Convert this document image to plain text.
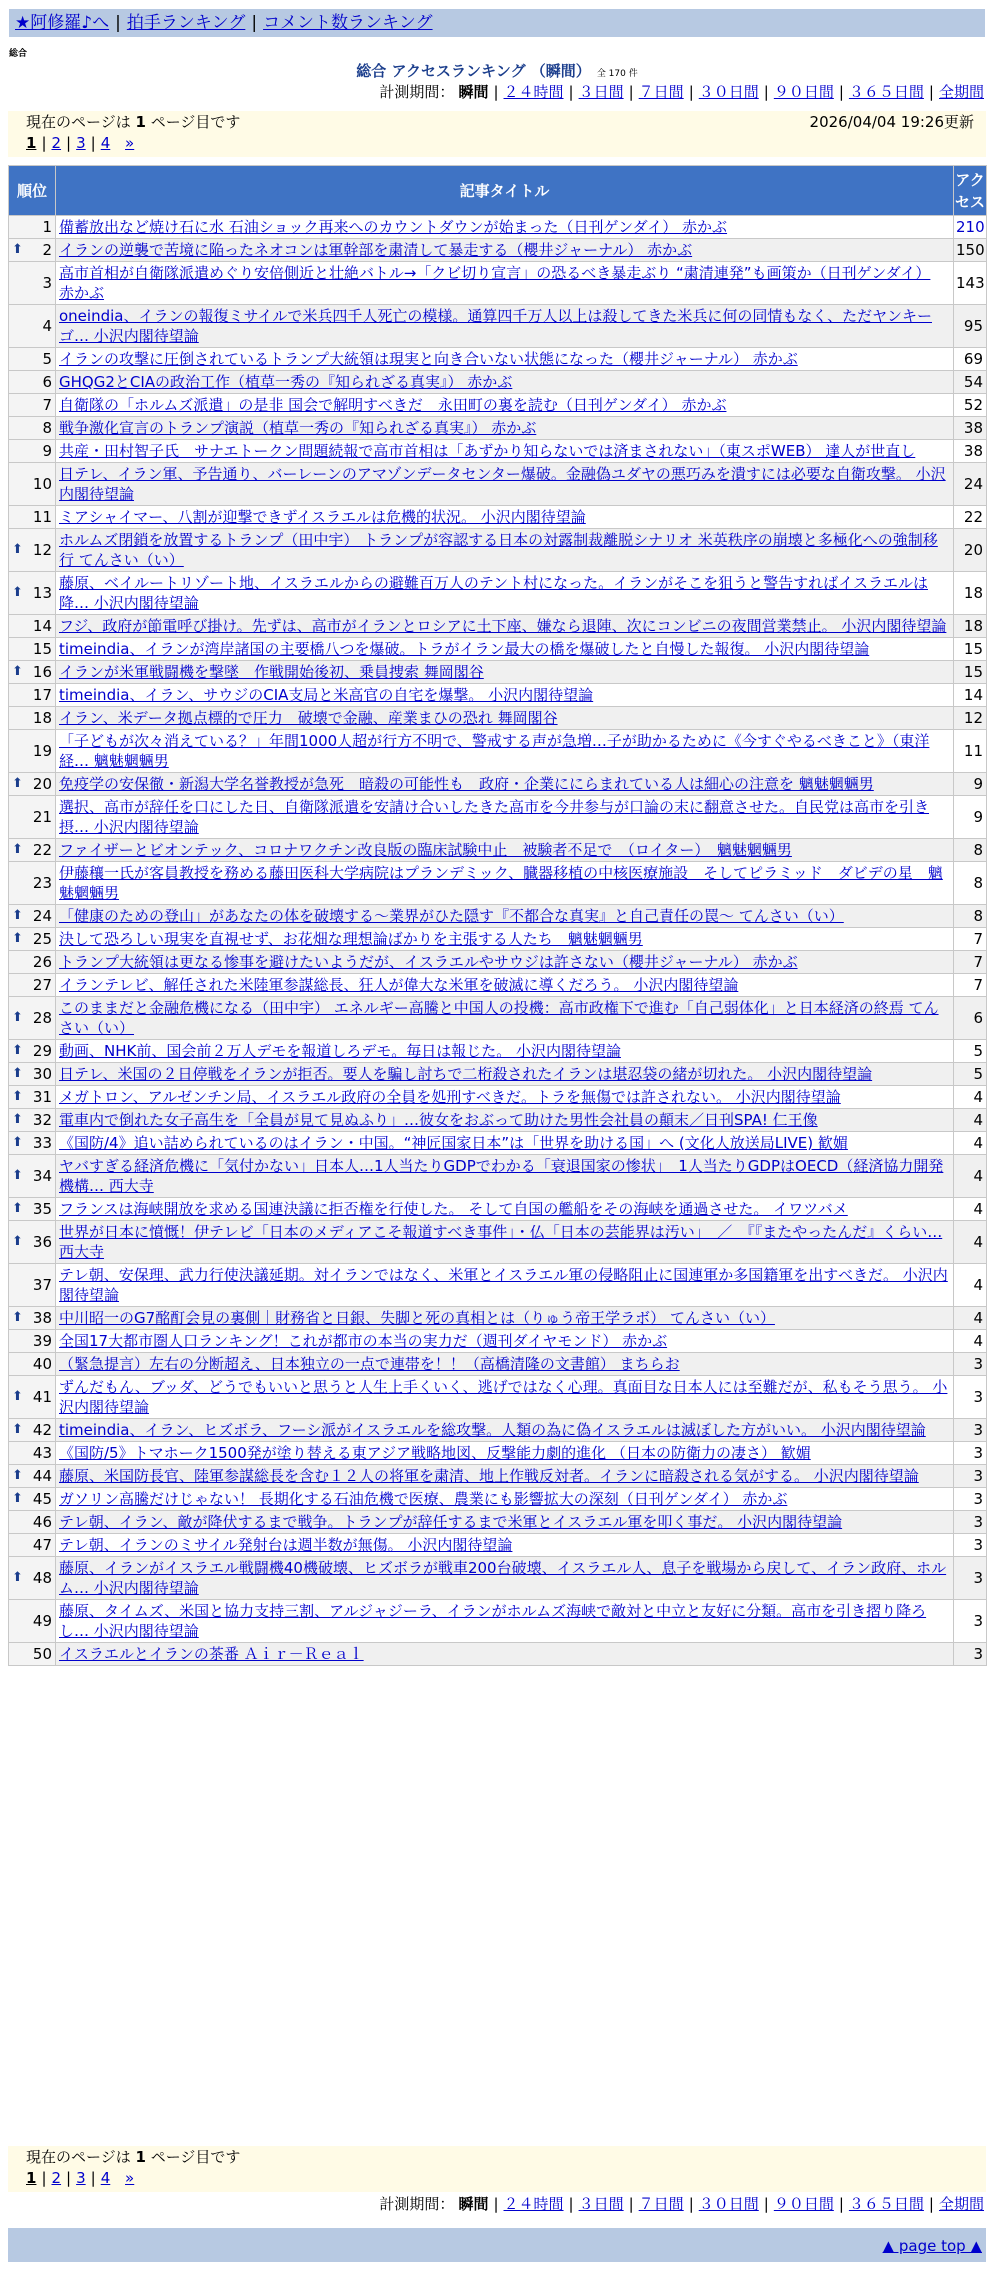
★阿修羅♪へ | 拍手ランキング | コメント数ランキング
総合
総合 アクセスランキング （瞬間） 全 170 件
計測期間： 瞬間 | ２４時間 | ３日間 | ７日間 | ３０日間 | ９０日間 | ３６５日間 | 全期間
現在のページは 1 ページ目です	2026/04/04 19:26更新
1 | 2 | 3 | 4 »
順位	記事タイトル	アクセス
1	備蓄放出など焼け石に水 石油ショック再来へのカウントダウンが始まった（日刊ゲンダイ） 赤かぶ	210

⬆ 2	イランの逆襲で苦境に陥ったネオコンは軍幹部を粛清して暴走する（櫻井ジャーナル） 赤かぶ	150
3	高市首相が自衛隊派遣めぐり安倍側近と壮絶バトル→「クビ切り宣言」の恐るべき暴走ぶり “粛清連発”も画策か（日刊ゲンダイ） 赤かぶ	143
4	oneindia、イランの報復ミサイルで米兵四千人死亡の模様。通算四千万人以上は殺してきた米兵に何の同情もなく、ただヤンキーゴ… 小沢内閣待望論	95
5	イランの攻撃に圧倒されているトランプ大統領は現実と向き合いない状態になった（櫻井ジャーナル） 赤かぶ	69
6	GHQG2とCIAの政治工作（植草一秀の『知られざる真実』） 赤かぶ	54
7	自衛隊の「ホルムズ派遣」の是非 国会で解明すべきだ　永田町の裏を読む（日刊ゲンダイ） 赤かぶ	52
8	戦争激化宣言のトランプ演説（植草一秀の『知られざる真実』） 赤かぶ	38
9	共産・田村智子氏　サナエトークン問題続報で高市首相は「あずかり知らないでは済まされない」（東スポWEB） 達人が世直し	38
10	日テレ、イラン軍、予告通り、バーレーンのアマゾンデータセンター爆破。金融偽ユダヤの悪巧みを潰すには必要な自衛攻撃。 小沢内閣待望論	24
11	ミアシャイマー、八割が迎撃できずイスラエルは危機的状況。 小沢内閣待望論	22

⬆ 12	ホルムズ閉鎖を放置するトランプ（田中宇） トランプが容認する日本の対露制裁離脱シナリオ 米英秩序の崩壊と多極化への強制移行 てんさい（い）	20

⬆ 13	藤原、ベイルートリゾート地、イスラエルからの避難百万人のテント村になった。イランがそこを狙うと警告すればイスラエルは降… 小沢内閣待望論	18
14	フジ、政府が節電呼び掛け。先ずは、高市がイランとロシアに土下座、嫌なら退陣、次にコンビニの夜間営業禁止。 小沢内閣待望論	18
15	timeindia、イランが湾岸諸国の主要橋八つを爆破。トラがイラン最大の橋を爆破したと自慢した報復。 小沢内閣待望論	15

⬆ 16	イランが米軍戦闘機を撃墜　作戦開始後初、乗員捜索 舞岡閣谷	15
17	timeindia、イラン、サウジのCIA支局と米高官の自宅を爆撃。 小沢内閣待望論	14
18	イラン、米データ拠点標的で圧力　破壊で金融、産業まひの恐れ 舞岡閣谷	12
19	「子どもが次々消えている？」年間1000人超が行方不明で、警戒する声が急増…子が助かるために《今すぐやるべきこと》（東洋経… 魑魅魍魎男	11

⬆ 20	免疫学の安保徹・新潟大学名誉教授が急死　暗殺の可能性も　政府・企業ににらまれている人は細心の注意を 魑魅魍魎男	9
21	選択、高市が辞任を口にした日、自衛隊派遣を安請け合いしたきた高市を今井参与が口論の末に翻意させた。自民党は高市を引き摂… 小沢内閣待望論	9

⬆ 22	ファイザーとビオンテック、コロナワクチン改良版の臨床試験中止　被験者不足で　（ロイター）　魑魅魍魎男	8
23	伊藤穰一氏が客員教授を務める藤田医科大学病院はプランデミック、臓器移植の中核医療施設　そしてピラミッド　ダビデの星　魑魅魍魎男	8

⬆ 24	「健康のための登山」があなたの体を破壊する〜業界がひた隠す『不都合な真実』と自己責任の罠〜 てんさい（い）	8

⬆ 25	決して恐ろしい現実を直視せず、お花畑な理想論ばかりを主張する人たち　魑魅魍魎男	7
26	トランプ大統領は更なる惨事を避けたいようだが、イスラエルやサウジは許さない（櫻井ジャーナル） 赤かぶ	7
27	イランテレビ、解任された米陸軍参謀総長、狂人が偉大な米軍を破滅に導くだろう。 小沢内閣待望論	7

⬆ 28	このままだと金融危機になる（田中宇） エネルギー高騰と中国人の投機：高市政権下で進む「自己弱体化」と日本経済の終焉 てんさい（い）	6

⬆ 29	動画、NHK前、国会前２万人デモを報道しろデモ。毎日は報じた。 小沢内閣待望論	5

⬆ 30	日テレ、米国の２日停戦をイランが拒否。要人を騙し討ちで二桁殺されたイランは堪忍袋の緒が切れた。 小沢内閣待望論	5

⬆ 31	メガトロン、アルゼンチン局、イスラエル政府の全員を処刑すべきだ。トラを無傷では許されない。 小沢内閣待望論	4

⬆ 32	電車内で倒れた女子高生を「全員が見て見ぬふり」…彼女をおぶって助けた男性会社員の顛末／日刊SPA! 仁王像	4

⬆ 33	《国防/4》追い詰められているのはイラン・中国。“神匠国家日本”は「世界を助ける国」へ (文化人放送局LIVE) 歓媚	4

⬆ 34	ヤバすぎる経済危機に「気付かない」日本人…1人当たりGDPでわかる「衰退国家の惨状」　1人当たりGDPはOECD（経済協力開発機構… 西大寺	4

⬆ 35	フランスは海峡開放を求める国連決議に拒否権を行使した。 そして自国の艦船をその海峡を通過させた。 イワツバメ	4

⬆ 36	世界が日本に憤慨！伊テレビ「日本のメディアこそ報道すべき事件」・仏「日本の芸能界は汚い」　／　『『またやったんだ』くらい… 西大寺	4
37	テレ朝、安保理、武力行使決議延期。対イランではなく、米軍とイスラエル軍の侵略阻止に国連軍か多国籍軍を出すべきだ。 小沢内閣待望論	4

⬆ 38	中川昭一のG7酩酊会見の裏側｜財務省と日銀、失脚と死の真相とは（りゅう帝王学ラボ） てんさい（い）	4
39	全国17大都市圏人口ランキング！これが都市の本当の実力だ（週刊ダイヤモンド） 赤かぶ	4
40	（緊急提言）左右の分断超え、日本独立の一点で連帯を！！（高橋清隆の文書館） まちらお	3

⬆ 41	ずんだもん、ブッダ、どうでもいいと思うと人生上手くいく、逃げではなく心理。真面目な日本人には至難だが、私もそう思う。 小沢内閣待望論	3

⬆ 42	timeindia、イラン、ヒズボラ、フーシ派がイスラエルを総攻撃。人類の為に偽イスラエルは滅ぼした方がいい。 小沢内閣待望論	3
43	《国防/5》トマホーク1500発が塗り替える東アジア戦略地図、反撃能力劇的進化 （日本の防衛力の凄さ） 歓媚	3

⬆ 44	藤原、米国防長官、陸軍参謀総長を含む１２人の将軍を粛清、地上作戦反対者。イランに暗殺される気がする。 小沢内閣待望論	3

⬆ 45	ガソリン高騰だけじゃない！ 長期化する石油危機で医療、農業にも影響拡大の深刻（日刊ゲンダイ） 赤かぶ	3
46	テレ朝、イラン、敵が降伏するまで戦争。トランプが辞任するまで米軍とイスラエル軍を叩く事だ。 小沢内閣待望論	3
47	テレ朝、イランのミサイル発射台は週半数が無傷。 小沢内閣待望論	3

⬆ 48	藤原、イランがイスラエル戦闘機40機破壊、ヒズボラが戦車200台破壊、イスラエル人、息子を戦場から戻して、イラン政府、ホルム… 小沢内閣待望論	3
49	藤原、タイムズ、米国と協力支持三割、アルジャジーラ、イランがホルムズ海峡で敵対と中立と友好に分類。高市を引き摺り降ろし… 小沢内閣待望論	3
50	イスラエルとイランの茶番 Ａｉｒ－Ｒｅａｌ	3
現在のページは 1 ページ目です
1 | 2 | 3 | 4 »
計測期間： 瞬間 | ２４時間 | ３日間 | ７日間 | ３０日間 | ９０日間 | ３６５日間 | 全期間
▲ page top ▲
